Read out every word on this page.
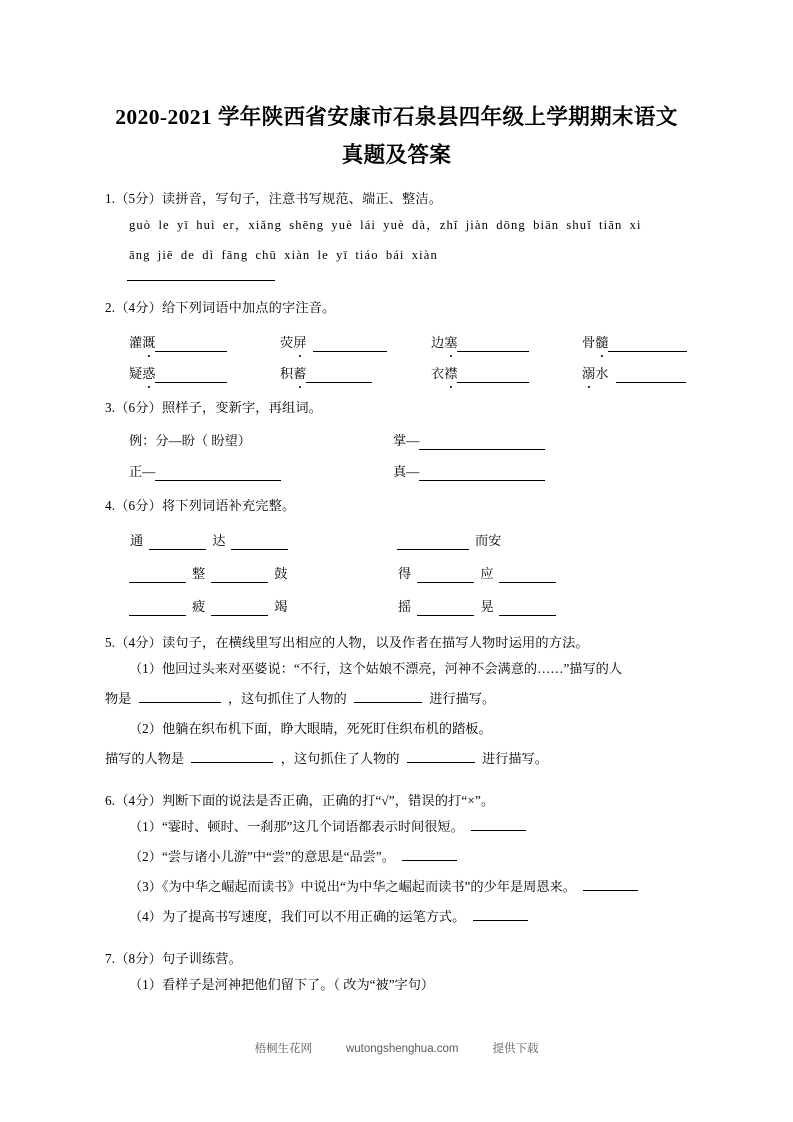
2020-2021 学年陕西省安康市石泉县四年级上学期期末语文
真题及答案
1.（5分）读拼音，写句子，注意书写规范、端正、整洁。
guò le yī huì er，xiǎng shēng yuè lái yuè dà，zhǐ jiàn dōng biān shuǐ tiān xi
āng jiē de dì fāng chū xiàn le yī tiáo bái xiàn
2.（4分）给下列词语中加点的字注音。
灌溉	荧屏	边塞	骨髓
疑惑	积蓄	衣襟	溺水
3.（6分）照样子，变新字，再组词。
例：分—盼（ 盼望）	掌—
正—	真—
4.（6分）将下列词语补充完整。
通	达	而安
整	鼓	得	应
疲	竭	摇	晃
5.（4分）读句子，在横线里写出相应的人物，以及作者在描写人物时运用的方法。
（1）他回过头来对巫婆说：“不行，这个姑娘不漂亮，河神不会满意的……”描写的人
物是	，这句抓住了人物的	进行描写。
（2）他躺在织布机下面，睁大眼睛，死死盯住织布机的踏板。
描写的人物是	，这句抓住了人物的	进行描写。
6.（4分）判断下面的说法是否正确，正确的打“√”，错误的打“×”。
（1）“霎时、顿时、一刹那”这几个词语都表示时间很短。
（2）“尝与诸小儿游”中“尝”的意思是“品尝”。
（3）《为中华之崛起而读书》中说出“为中华之崛起而读书”的少年是周恩来。
（4）为了提高书写速度，我们可以不用正确的运笔方式。
7.（8分）句子训练营。
（1）看样子是河神把他们留下了。（ 改为“被”字句）
梧桐生花网	wutongshenghua.com	提供下载
